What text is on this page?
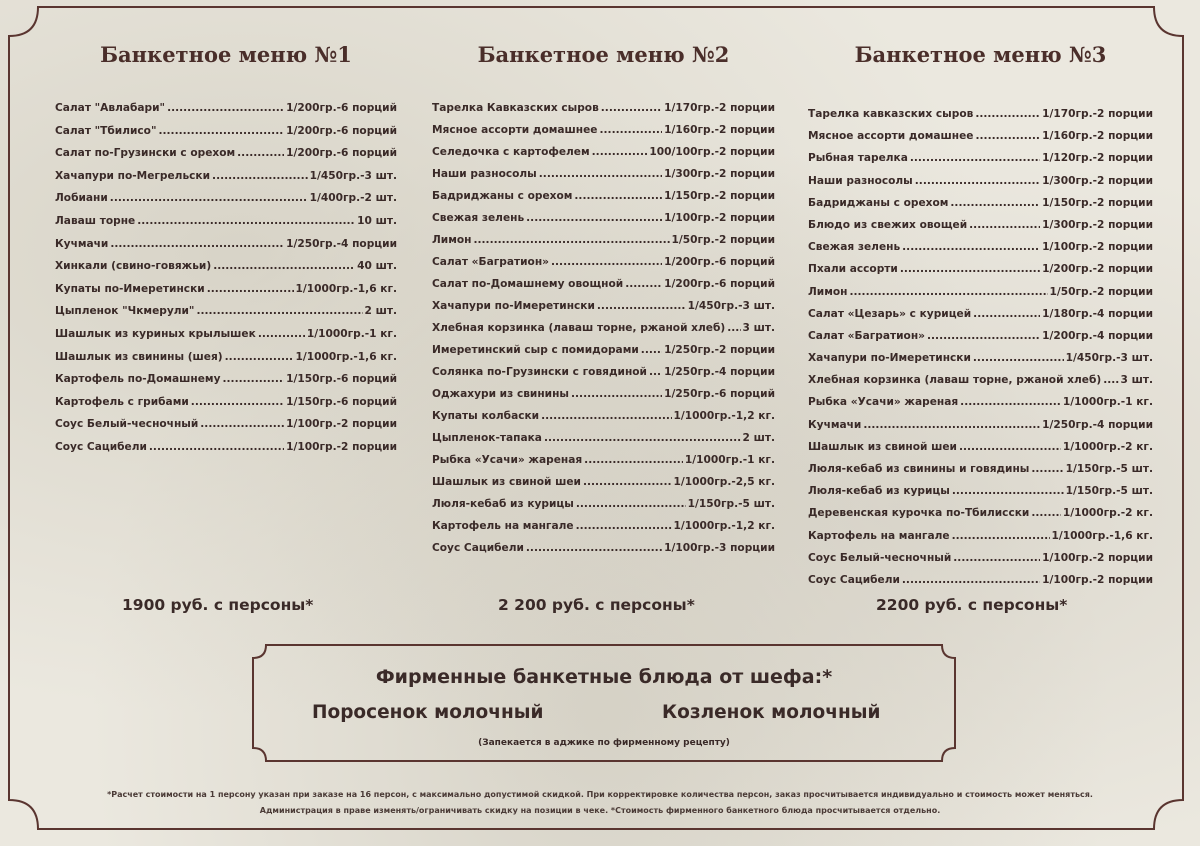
Банкетное меню №1
Салат "Авлабари" .....	1/200гр.-6 порций
Салат "Тбилисо" .....	1/200гр.-6 порций
Салат по-Грузински с орехом .....	1/200гр.-6 порций
Хачапури по-Мегрельски .....	1/450гр.-3 шт.
Лобиани .....	1/400гр.-2 шт.
Лаваш торне .....	10 шт.
Кучмачи .....	1/250гр.-4 порции
Хинкали (свино-говяжьи) .....	40 шт.
Купаты по-Имеретински .....	1/1000гр.-1,6 кг.
Цыпленок "Чкмерули" .....	2 шт.
Шашлык из куриных крылышек .....	1/1000гр.-1 кг.
Шашлык из свинины (шея) .....	1/1000гр.-1,6 кг.
Картофель по-Домашнему .....	1/150гр.-6 порций
Картофель с грибами .....	1/150гр.-6 порций
Соус Белый-чесночный .....	1/100гр.-2 порции
Соус Сацибели .....	1/100гр.-2 порции
1900 руб. с персоны*
Банкетное меню №2
Тарелка Кавказских сыров .....	1/170гр.-2 порции
Мясное ассорти домашнее .....	1/160гр.-2 порции
Селедочка с картофелем .....	100/100гр.-2 порции
Наши разносолы .....	1/300гр.-2 порции
Бадриджаны с орехом .....	1/150гр.-2 порции
Свежая зелень .....	1/100гр.-2 порции
Лимон .....	1/50гр.-2 порции
Салат «Багратион» .....	1/200гр.-6 порций
Салат по-Домашнему овощной .....	1/200гр.-6 порций
Хачапури по-Имеретински .....	1/450гр.-3 шт.
Хлебная корзинка (лаваш торне, ржаной хлеб) ..... 3 шт.
Имеретинский сыр с помидорами ..... 1/250гр.-2 порции
Солянка по-Грузински с говядиной ..... 1/250гр.-4 порции
Оджахури из свинины .....	1/250гр.-6 порций
Купаты колбаски .....	1/1000гр.-1,2 кг.
Цыпленок-тапака .....	2 шт.
Рыбка «Усачи» жареная .....	1/1000гр.-1 кг.
Шашлык из свиной шеи .....	1/1000гр.-2,5 кг.
Люля-кебаб из курицы .....	1/150гр.-5 шт.
Картофель на мангале .....	1/1000гр.-1,2 кг.
Соус Сацибели .....	1/100гр.-3 порции
2 200 руб. с персоны*
Банкетное меню №3
Тарелка кавказских сыров .....	1/170гр.-2 порции
Мясное ассорти домашнее .....	1/160гр.-2 порции
Рыбная тарелка .....	1/120гр.-2 порции
Наши разносолы .....	1/300гр.-2 порции
Бадриджаны с орехом .....	1/150гр.-2 порции
Блюдо из свежих овощей .....	1/300гр.-2 порции
Свежая зелень .....	1/100гр.-2 порции
Пхали ассорти .....	1/200гр.-2 порции
Лимон .....	1/50гр.-2 порции
Салат «Цезарь» с курицей .....	1/180гр.-4 порции
Салат «Багратион» .....	1/200гр.-4 порции
Хачапури по-Имеретински .....	1/450гр.-3 шт.
Хлебная корзинка (лаваш торне, ржаной хлеб) ..... 3 шт.
Рыбка «Усачи» жареная .....	1/1000гр.-1 кг.
Кучмачи .....	1/250гр.-4 порции
Шашлык из свиной шеи .....	1/1000гр.-2 кг.
Люля-кебаб из свинины и говядины .....	1/150гр.-5 шт.
Люля-кебаб из курицы .....	1/150гр.-5 шт.
Деревенская курочка по-Тбилисски .....	1/1000гр.-2 кг.
Картофель на мангале .....	1/1000гр.-1,6 кг.
Соус Белый-чесночный .....	1/100гр.-2 порции
Соус Сацибели .....	1/100гр.-2 порции
2200 руб. с персоны*
Фирменные банкетные блюда от шефа:*
Поросенок молочный	Козленок молочный
(Запекается в аджике по фирменному рецепту)
*Расчет стоимости на 1 персону указан при заказе на 16 персон, с максимально допустимой скидкой. При корректировке количества персон, заказ просчитывается индивидуально и стоимость может меняться.
Администрация в праве изменять/ограничивать скидку на позиции в чеке. *Стоимость фирменного банкетного блюда просчитывается отдельно.
